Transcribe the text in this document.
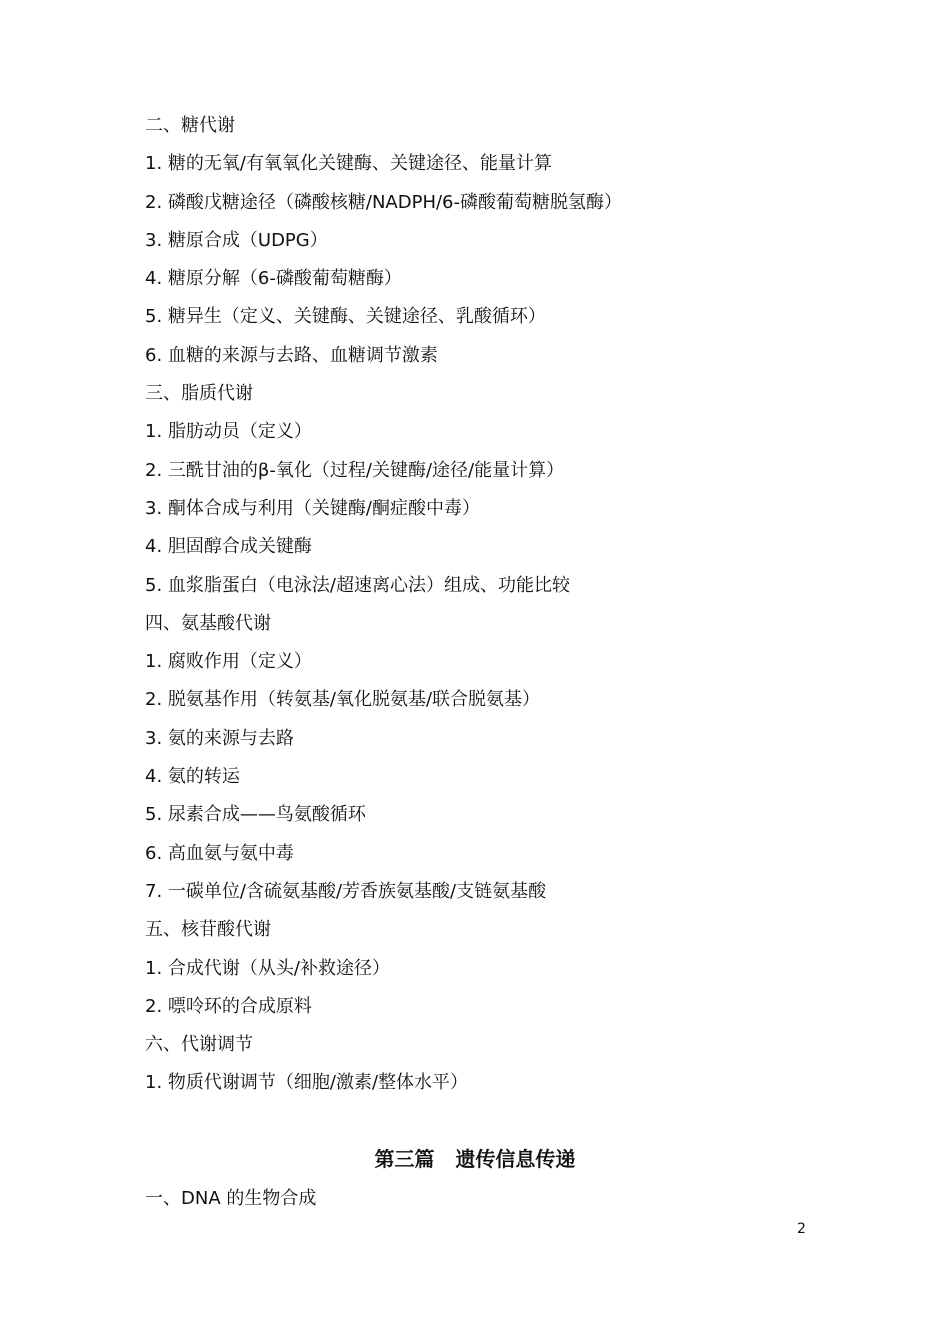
二、糖代谢
1. 糖的无氧/有氧氧化关键酶、关键途径、能量计算
2. 磷酸戊糖途径（磷酸核糖/NADPH/6-磷酸葡萄糖脱氢酶）
3. 糖原合成（UDPG）
4. 糖原分解（6-磷酸葡萄糖酶）
5. 糖异生（定义、关键酶、关键途径、乳酸循环）
6. 血糖的来源与去路、血糖调节激素
三、脂质代谢
1. 脂肪动员（定义）
2. 三酰甘油的β-氧化（过程/关键酶/途径/能量计算）
3. 酮体合成与利用（关键酶/酮症酸中毒）
4. 胆固醇合成关键酶
5. 血浆脂蛋白（电泳法/超速离心法）组成、功能比较
四、氨基酸代谢
1. 腐败作用（定义）
2. 脱氨基作用（转氨基/氧化脱氨基/联合脱氨基）
3. 氨的来源与去路
4. 氨的转运
5. 尿素合成——鸟氨酸循环
6. 高血氨与氨中毒
7. 一碳单位/含硫氨基酸/芳香族氨基酸/支链氨基酸
五、核苷酸代谢
1. 合成代谢（从头/补救途径）
2. 嘌呤环的合成原料
六、代谢调节
1. 物质代谢调节（细胞/激素/整体水平）
第三篇   遗传信息传递
一、DNA 的生物合成
2
